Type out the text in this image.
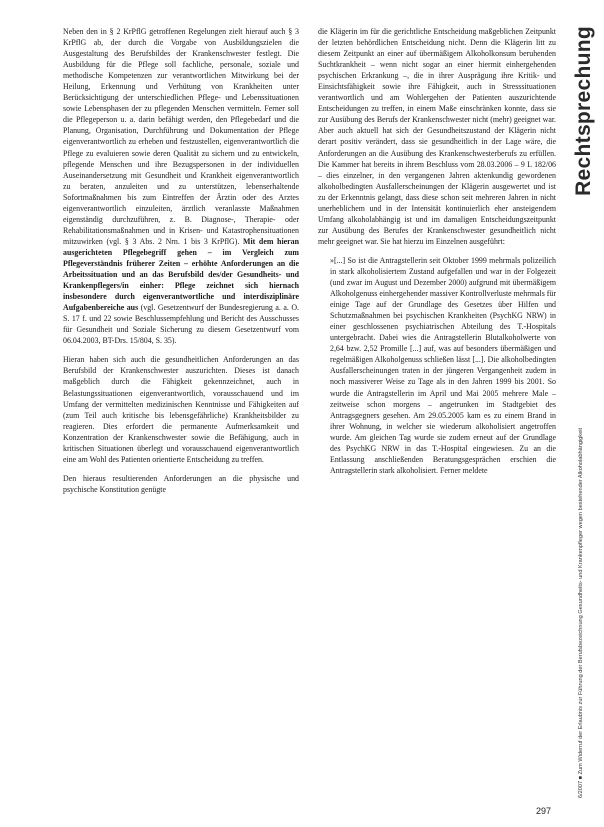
Neben den in § 2 KrPflG getroffenen Regelungen zielt hierauf auch § 3 KrPflG ab, der durch die Vorgabe von Ausbildungszielen die Ausgestaltung des Berufsbildes der Krankenschwester festlegt. Die Ausbildung für die Pflege soll fachliche, personale, soziale und methodische Kompetenzen zur verantwortlichen Mitwirkung bei der Heilung, Erkennung und Verhütung von Krankheiten unter Berücksichtigung der unterschiedlichen Pflege- und Lebenssituationen sowie Lebensphasen der zu pflegenden Menschen vermitteln. Ferner soll die Pflegeperson u. a. darin befähigt werden, den Pflegebedarf und die Planung, Organisation, Durchführung und Dokumentation der Pflege eigenverantwortlich zu erheben und festzustellen, eigenverantwortlich die Pflege zu evaluieren sowie deren Qualität zu sichern und zu entwickeln, pflegende Menschen und ihre Bezugspersonen in der individuellen Auseinandersetzung mit Gesundheit und Krankheit eigenverantwortlich zu beraten, anzuleiten und zu unterstützen, lebenserhaltende Sofortmaßnahmen bis zum Eintreffen der Ärztin oder des Arztes eigenverantwortlich einzuleiten, ärztlich veranlasste Maßnahmen eigenständig durchzuführen, z. B. Diagnose-, Therapie- oder Rehabilitationsmaßnahmen und in Krisen- und Katastrophensituationen mitzuwirken (vgl. § 3 Abs. 2 Nrn. 1 bis 3 KrPflG). Mit dem hieran ausgerichteten Pflegebegriff gehen – im Vergleich zum Pflegeverständnis früherer Zeiten – erhöhte Anforderungen an die Arbeitssituation und an das Berufsbild des/der Gesundheits- und Krankenpflegers/in einher: Pflege zeichnet sich hiernach insbesondere durch eigenverantwortliche und interdisziplinäre Aufgabenbereiche aus (vgl. Gesetzentwurf der Bundesregierung a. a. O. S. 17 f. und 22 sowie Beschlussempfehlung und Bericht des Ausschusses für Gesundheit und Soziale Sicherung zu diesem Gesetzentwurf vom 06.04.2003, BT-Drs. 15/804, S. 35).

Hieran haben sich auch die gesundheitlichen Anforderungen an das Berufsbild der Krankenschwester auszurichten. Dieses ist danach maßgeblich durch die Fähigkeit gekennzeichnet, auch in Belastungssituationen eigenverantwortlich, vorausschauend und im Umfang der vermittelten medizinischen Kenntnisse und Fähigkeiten auf (zum Teil auch kritische bis lebensgefährliche) Krankheitsbilder zu reagieren. Dies erfordert die permanente Aufmerksamkeit und Konzentration der Krankenschwester sowie die Befähigung, auch in kritischen Situationen überlegt und vorausschauend eigenverantwortlich eine am Wohl des Patienten orientierte Entscheidung zu treffen.

Den hieraus resultierenden Anforderungen an die physische und psychische Konstitution genügte

die Klägerin im für die gerichtliche Entscheidung maßgeblichen Zeitpunkt der letzten behördlichen Entscheidung nicht. Denn die Klägerin litt zu diesem Zeitpunkt an einer auf übermäßigem Alkoholkonsum beruhenden Suchtkrankheit – wenn nicht sogar an einer hiermit einhergehenden psychischen Erkrankung –, die in ihrer Ausprägung ihre Kritik- und Einsichtsfähigkeit sowie ihre Fähigkeit, auch in Stresssituationen verantwortlich und am Wohlergehen der Patienten auszurichtende Entscheidungen zu treffen, in einem Maße einschränken konnte, dass sie zur Ausübung des Berufs der Krankenschwester nicht (mehr) geeignet war. Aber auch aktuell hat sich der Gesundheitszustand der Klägerin nicht derart positiv verändert, dass sie gesundheitlich in der Lage wäre, die Anforderungen an die Ausübung des Krankenschwesterberufs zu erfüllen. Die Kammer hat bereits in ihrem Beschluss vom 28.03.2006 – 9 L 182/06 – dies einzelner, in den vergangenen Jahren aktenkundig gewordenen alkoholbedingten Ausfallerscheinungen der Klägerin ausgewertet und ist zu der Erkenntnis gelangt, dass diese schon seit mehreren Jahren in nicht unerheblichem und in der Intensität kontinuierlich eher ansteigendem Umfang alkoholabhängig ist und im damaligen Entscheidungszeitpunkt zur Ausübung des Berufes der Krankenschwester gesundheitlich nicht mehr geeignet war. Sie hat hierzu im Einzelnen ausgeführt:

»[...] So ist die Antragstellerin seit Oktober 1999 mehrmals polizeilich in stark alkoholisiertem Zustand aufgefallen und war in der Folgezeit (und zwar im August und Dezember 2000) aufgrund mit übermäßigem Alkoholgenuss einhergehender massiver Kontrollverluste mehrmals für einige Tage auf der Grundlage des Gesetzes über Hilfen und Schutzmaßnahmen bei psychischen Krankheiten (PsychKG NRW) in einer geschlossenen psychiatrischen Abteilung des T.-Hospitals untergebracht. Dabei wies die Antragstellerin Blutalkoholwerte von 2,64 bzw. 2,52 Promille [...] auf, was auf besonders übermäßigen und regelmäßigen Alkoholgenuss schließen lässt [...]. Die alkoholbedingten Ausfallerscheinungen traten in der jüngeren Vergangenheit zudem in noch massiverer Weise zu Tage als in den Jahren 1999 bis 2001. So wurde die Antragstellerin im April und Mai 2005 mehrere Male – zeitweise schon morgens – angetrunken im Stadtgebiet des Antragsgegners gesehen. Am 29.05.2005 kam es zu einem Brand in ihrer Wohnung, in welcher sie wiederum alkoholisiert angetroffen wurde. Am gleichen Tag wurde sie zudem erneut auf der Grundlage des PsychKG NRW in das T.-Hospital eingewiesen. Zu an die Entlassung anschließenden Beratungsgesprächen erschien die Antragstellerin stark alkoholisiert. Ferner meldete

Rechtsprechung
6/2007 ■ Zum Widerruf der Erlaubnis zur Führung der Berufsbezeichnung Gesundheits- und Krankenpfleger wegen bestehender Alkoholabhängigkeit
297
